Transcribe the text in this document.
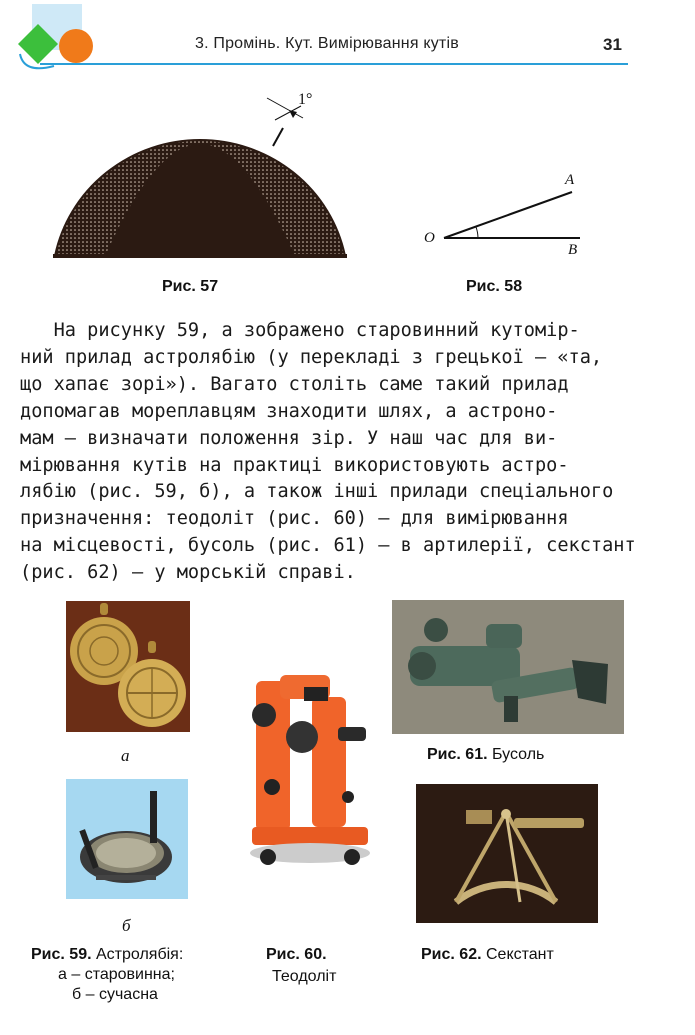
3. Промінь. Кут. Вимірювання кутів	31
1°
Рис. 57
O
A
B
Рис. 58
На рисунку 59, а зображено старовинний кутомір-
ний прилад астролябію (у перекладі з грецької — «та,
що хапає зорі»). Вагато століть саме такий прилад
допомагав мореплавцям знаходити шлях, а астроно-
мам — визначати положення зір. У наш час для ви-
мірювання кутів на практиці використовують астро-
лябію (рис. 59, б), а також інші прилади спеціального
призначення: теодоліт (рис. 60) — для вимірювання
на місцевості, бусоль (рис. 61) — в артилерії, секстант
(рис. 62) — у морській справі.
а
б
Рис. 59. Астролябія:
а – старовинна;
б – сучасна
Рис. 60.
Теодоліт
Рис. 61. Бусоль
Рис. 62. Секстант
